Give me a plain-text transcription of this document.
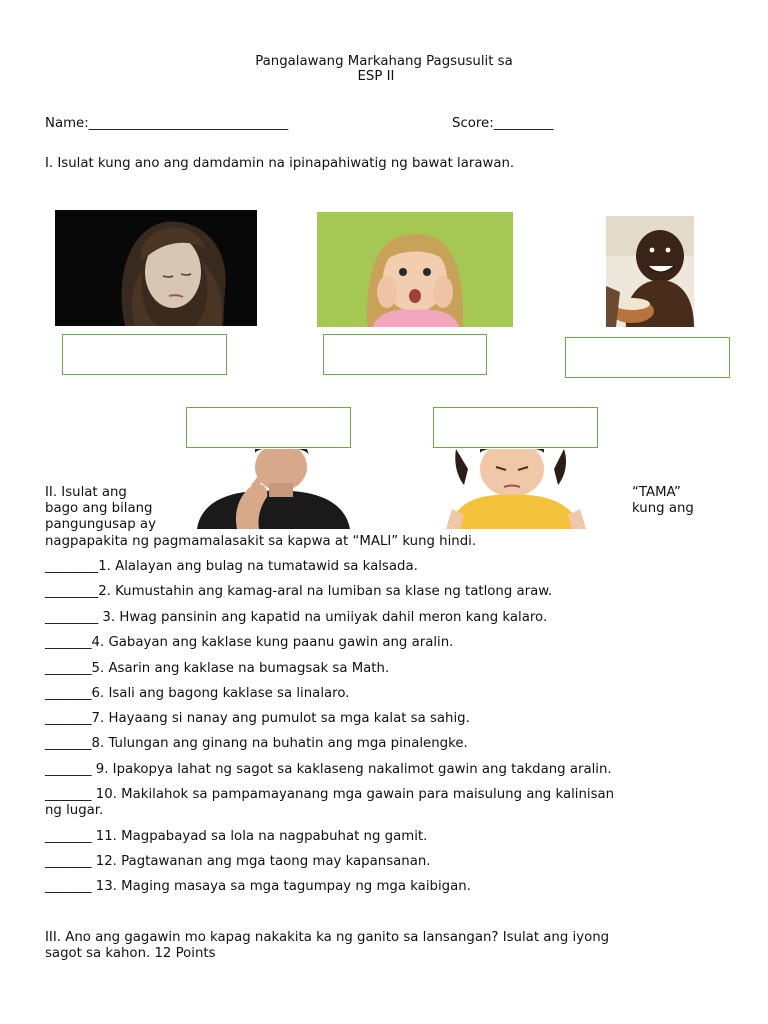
Pangalawang Markahang Pagsusulit sa
ESP II
Name:______________________________	Score:_________
I. Isulat kung ano ang damdamin na ipinapahiwatig ng bawat larawan.
II. Isulat ang
bago ang bilang
pangungusap ay
“TAMA”
kung ang
nagpapakita ng pagmamalasakit sa kapwa at “MALI” kung hindi.
________1. Alalayan ang bulag na tumatawid sa kalsada.
________2. Kumustahin ang kamag-aral na lumiban sa klase ng tatlong araw.
________ 3. Hwag pansinin ang kapatid na umiiyak dahil meron kang kalaro.
_______4. Gabayan ang kaklase kung paanu gawin ang aralin.
_______5. Asarin ang kaklase na bumagsak sa Math.
_______6. Isali ang bagong kaklase sa linalaro.
_______7. Hayaang si nanay ang pumulot sa mga kalat sa sahig.
_______8. Tulungan ang ginang na buhatin ang mga pinalengke.
_______ 9. Ipakopya lahat ng sagot sa kaklaseng nakalimot gawin ang takdang aralin.
_______ 10. Makilahok sa pampamayanang mga gawain para maisulung ang kalinisan
ng lugar.
_______ 11. Magpabayad sa lola na nagpabuhat ng gamit.
_______ 12. Pagtawanan ang mga taong may kapansanan.
_______ 13. Maging masaya sa mga tagumpay ng mga kaibigan.
III. Ano ang gagawin mo kapag nakakita ka ng ganito sa lansangan? Isulat ang iyong
sagot sa kahon. 12 Points
